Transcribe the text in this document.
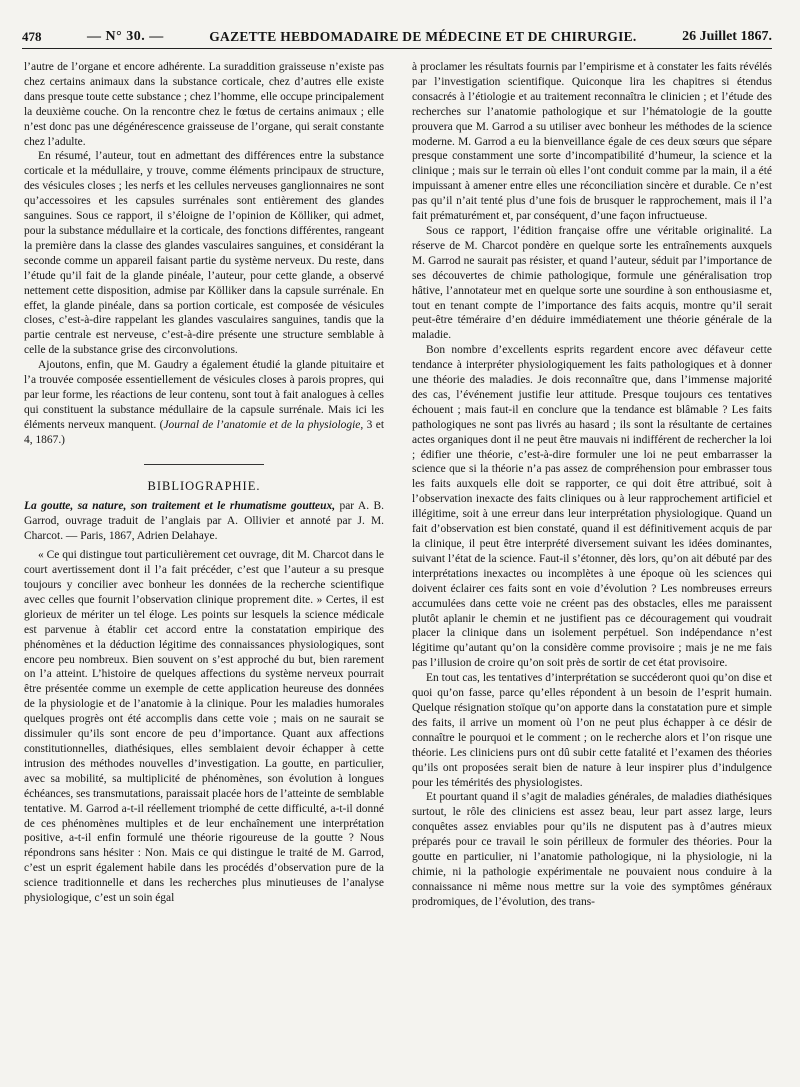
478	— N° 30. —	GAZETTE HEBDOMADAIRE DE MÉDECINE ET DE CHIRURGIE.	26 Juillet 1867.

l’autre de l’organe et encore adhérente. La suraddition graisseuse n’existe pas chez certains animaux dans la substance corticale, chez d’autres elle existe dans presque toute cette substance ; chez l’homme, elle occupe principalement la deuxième couche. On la rencontre chez le fœtus de certains animaux ; elle n’est donc pas une dégénérescence graisseuse de l’organe, qui serait constante chez l’adulte.

En résumé, l’auteur, tout en admettant des différences entre la substance corticale et la médullaire, y trouve, comme éléments principaux de structure, des vésicules closes ; les nerfs et les cellules nerveuses ganglionnaires ne sont qu’accessoires et les capsules surrénales sont entièrement des glandes sanguines. Sous ce rapport, il s’éloigne de l’opinion de Kölliker, qui admet, pour la substance médullaire et la corticale, des fonctions différentes, rangeant la première dans la classe des glandes vasculaires sanguines, et considérant la seconde comme un appareil faisant partie du système nerveux. Du reste, dans l’étude qu’il fait de la glande pinéale, l’auteur, pour cette glande, a observé nettement cette disposition, admise par Kölliker dans la capsule surrénale. En effet, la glande pinéale, dans sa portion corticale, est composée de vésicules closes, c’est-à-dire rappelant les glandes vasculaires sanguines, tandis que la partie centrale est nerveuse, c’est-à-dire présente une structure semblable à celle de la substance grise des circonvolutions.

Ajoutons, enfin, que M. Gaudry a également étudié la glande pituitaire et l’a trouvée composée essentiellement de vésicules closes à parois propres, qui par leur forme, les réactions de leur contenu, sont tout à fait analogues à celles qui constituent la substance médullaire de la capsule surrénale. Mais ici les éléments nerveux manquent. (Journal de l’anatomie et de la physiologie, 3 et 4, 1867.)

BIBLIOGRAPHIE.

La goutte, sa nature, son traitement et le rhumatisme goutteux, par A. B. Garrod, ouvrage traduit de l’anglais par A. Ollivier et annoté par J. M. Charcot. — Paris, 1867, Adrien Delahaye.

« Ce qui distingue tout particulièrement cet ouvrage, dit M. Charcot dans le court avertissement dont il l’a fait précéder, c’est que l’auteur a su presque toujours y concilier avec bonheur les données de la recherche scientifique avec celles que fournit l’observation clinique proprement dite. » Certes, il est glorieux de mériter un tel éloge. Les points sur lesquels la science médicale est parvenue à établir cet accord entre la constatation empirique des phénomènes et la déduction légitime des connaissances physiologiques, sont encore peu nombreux. Bien souvent on s’est approché du but, bien rarement on l’a atteint. L’histoire de quelques affections du système nerveux pourrait être présentée comme un exemple de cette application heureuse des données de la physiologie et de l’anatomie à la clinique. Pour les maladies humorales quelques progrès ont été accomplis dans cette voie ; mais on ne saurait se dissimuler qu’ils sont encore de peu d’importance. Quant aux affections constitutionnelles, diathésiques, elles semblaient devoir échapper à cette intrusion des méthodes nouvelles d’investigation. La goutte, en particulier, avec sa mobilité, sa multiplicité de phénomènes, son évolution à longues échéances, ses transmutations, paraissait placée hors de l’atteinte de semblable tentative. M. Garrod a-t-il réellement triomphé de cette difficulté, a-t-il donné de ces phénomènes multiples et de leur enchaînement une interprétation positive, a-t-il enfin formulé une théorie rigoureuse de la goutte ? Nous répondrons sans hésiter : Non. Mais ce qui distingue le traité de M. Garrod, c’est un esprit également habile dans les procédés d’observation pure de la science traditionnelle et dans les recherches plus minutieuses de l’analyse physiologique, c’est un soin égal

à proclamer les résultats fournis par l’empirisme et à constater les faits révélés par l’investigation scientifique. Quiconque lira les chapitres si étendus consacrés à l’étiologie et au traitement reconnaîtra le clinicien ; et l’étude des recherches sur l’anatomie pathologique et sur l’hématologie de la goutte prouvera que M. Garrod a su utiliser avec bonheur les méthodes de la science moderne. M. Garrod a eu la bienveillance égale de ces deux sœurs que sépare presque constamment une sorte d’incompatibilité d’humeur, la science et la clinique ; mais sur le terrain où elles l’ont conduit comme par la main, il a été impuissant à amener entre elles une réconciliation sincère et durable. Ce n’est pas qu’il n’ait tenté plus d’une fois de brusquer le rapprochement, mais il l’a fait prématurément et, par conséquent, d’une façon infructueuse.

Sous ce rapport, l’édition française offre une véritable originalité. La réserve de M. Charcot pondère en quelque sorte les entraînements auxquels M. Garrod ne saurait pas résister, et quand l’auteur, séduit par l’importance de ses découvertes de chimie pathologique, formule une généralisation trop hâtive, l’annotateur met en quelque sorte une sourdine à son enthousiasme et, tout en tenant compte de l’importance des faits acquis, montre qu’il serait peut-être téméraire d’en déduire immédiatement une théorie générale de la maladie.

Bon nombre d’excellents esprits regardent encore avec défaveur cette tendance à interpréter physiologiquement les faits pathologiques et à donner une théorie des maladies. Je dois reconnaître que, dans l’immense majorité des cas, l’événement justifie leur attitude. Presque toujours ces tentatives échouent ; mais faut-il en conclure que la tendance est blâmable ? Les faits pathologiques ne sont pas livrés au hasard ; ils sont la résultante de certaines actes organiques dont il ne peut être mauvais ni indifférent de rechercher la loi ; édifier une théorie, c’est-à-dire formuler une loi ne peut embarrasser la science que si la théorie n’a pas assez de compréhension pour embrasser tous les faits auxquels elle doit se rapporter, ce qui doit être attribué, soit à l’observation inexacte des faits cliniques ou à leur rapprochement artificiel et illégitime, soit à une erreur dans leur interprétation physiologique. Quand un fait d’observation est bien constaté, quand il est définitivement acquis de par la clinique, il peut être interprété diversement suivant les idées dominantes, suivant l’état de la science. Faut-il s’étonner, dès lors, qu’on ait débuté par des interprétations inexactes ou incomplètes à une époque où les sciences qui doivent éclairer ces faits sont en voie d’évolution ? Les nombreuses erreurs accumulées dans cette voie ne créent pas des obstacles, elles me paraissent plutôt aplanir le chemin et ne justifient pas ce découragement qui voudrait placer la clinique dans un isolement perpétuel. Son indépendance n’est légitime qu’autant qu’on la considère comme provisoire ; mais je ne me fais pas l’illusion de croire qu’on soit près de sortir de cet état provisoire.

En tout cas, les tentatives d’interprétation se succéderont quoi qu’on dise et quoi qu’on fasse, parce qu’elles répondent à un besoin de l’esprit humain. Quelque résignation stoïque qu’on apporte dans la constatation pure et simple des faits, il arrive un moment où l’on ne peut plus échapper à ce désir de connaître le pourquoi et le comment ; on le recherche alors et l’on risque une théorie. Les cliniciens purs ont dû subir cette fatalité et l’examen des théories qu’ils ont proposées serait bien de nature à leur inspirer plus d’indulgence pour les témérités des physiologistes.

Et pourtant quand il s’agit de maladies générales, de maladies diathésiques surtout, le rôle des cliniciens est assez beau, leur part assez large, leurs conquêtes assez enviables pour qu’ils ne disputent pas à d’autres mieux préparés pour ce travail le soin périlleux de formuler des théories. Pour la goutte en particulier, ni l’anatomie pathologique, ni la physiologie, ni la chimie, ni la pathologie expérimentale ne pouvaient nous conduire à la connaissance ni même nous mettre sur la voie des symptômes généraux prodromiques, de l’évolution, des trans-
